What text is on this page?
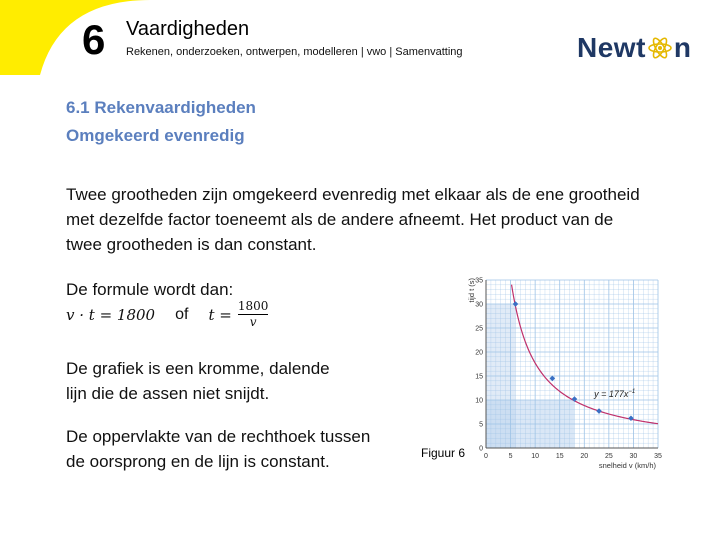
6 Vaardigheden
Rekenen, onderzoeken, ontwerpen, modelleren | vwo | Samenvatting	Newt n
6.1 Rekenvaardigheden
Omgekeerd evenredig
Twee grootheden zijn omgekeerd evenredig met elkaar als de ene grootheid
met dezelfde factor toeneemt als de andere afneemt. Het product van de
twee grootheden is dan constant.
De formule wordt dan:
v · t = 1800 of $t = \frac{1800}{v}$
De grafiek is een kromme, dalende
lijn die de assen niet snijdt.
De oppervlakte van de rechthoek tussen
de oorsprong en de lijn is constant.	Figuur 6	0	5	10 15 20 25 30 35
0
5
10
15
20
25
30
35
snelheid v (km/h)
tijd t (s)
$y = 177x^{-1}$
